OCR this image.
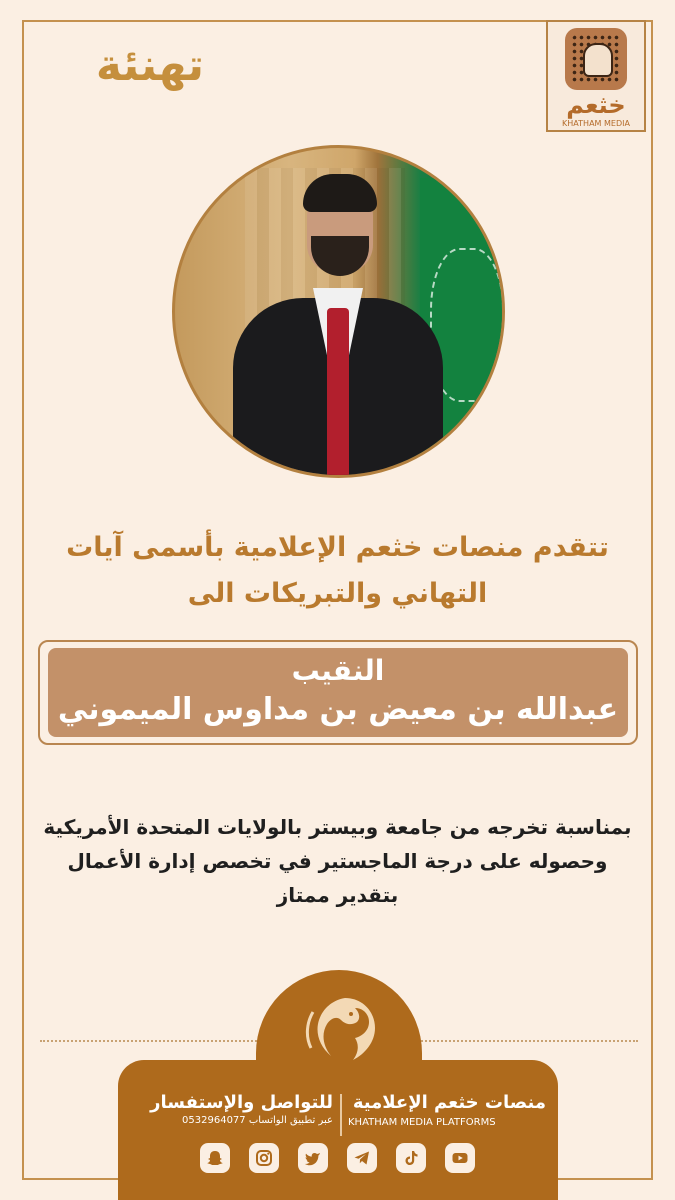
تهنئة
خثعم
KHATHAM MEDIA
تتقدم منصات خثعم الإعلامية بأسمى آيات
التهاني والتبريكات الى
النقيب
عبدالله بن معيض بن مداوس الميموني
بمناسبة تخرجه من جامعة وبيستر بالولايات المتحدة الأمريكية
وحصوله على درجة الماجستير في تخصص إدارة الأعمال
بتقدير ممتاز
للتواصل والإستفسار
عبر تطبيق الواتساب 0532964077
منصات خثعم الإعلامية
KHATHAM MEDIA PLATFORMS
